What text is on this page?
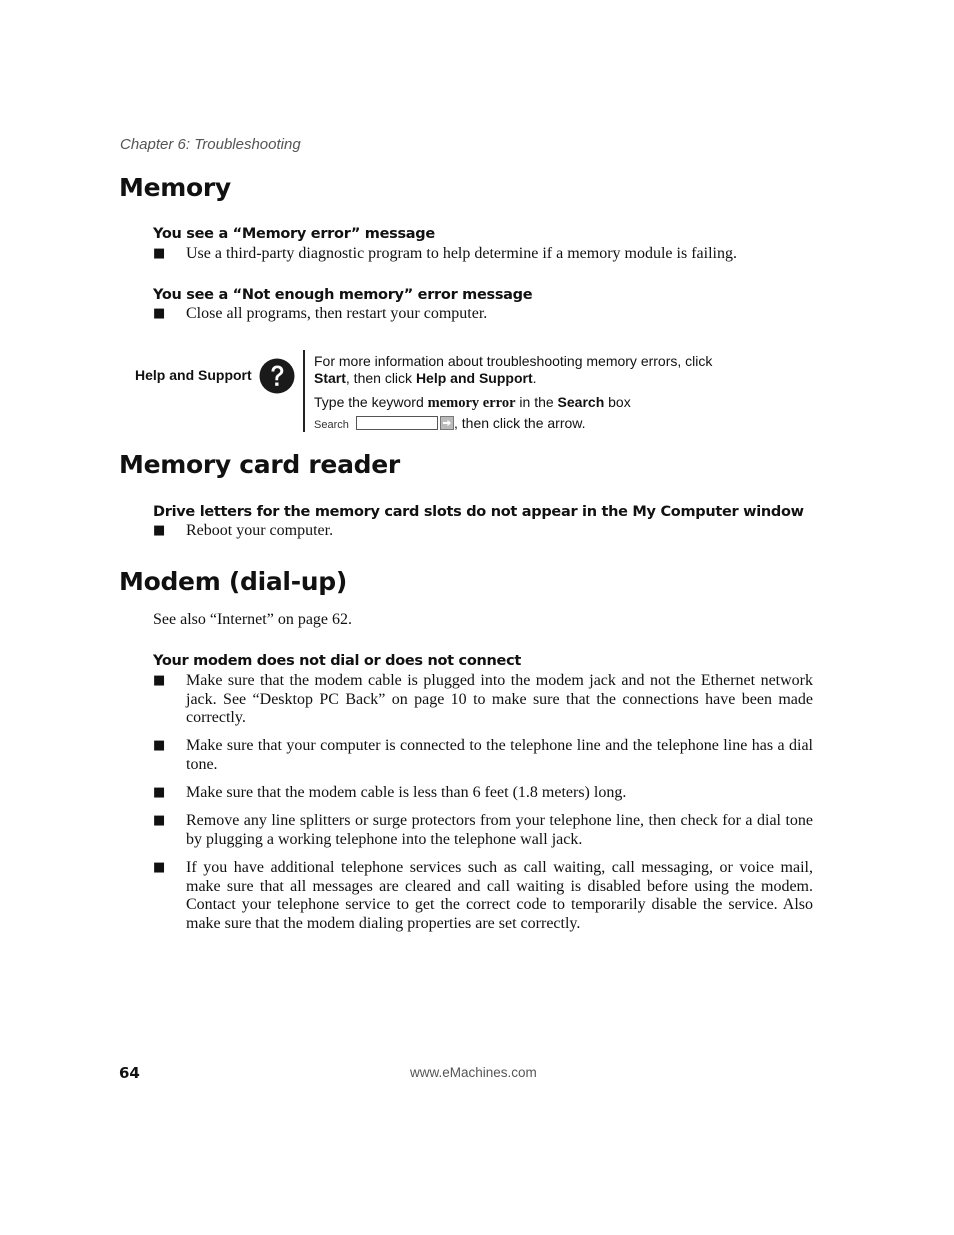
Chapter 6: Troubleshooting
Memory
You see a “Memory error” message
■	Use a third-party diagnostic program to help determine if a memory module is failing.
You see a “Not enough memory” error message
■	Close all programs, then restart your computer.
Help and Support
For more information about troubleshooting memory errors, click
Start, then click Help and Support.
Type the keyword memory error in the Search box
Search	, then click the arrow.
Memory card reader
Drive letters for the memory card slots do not appear in the My Computer window
■	Reboot your computer.
Modem (dial-up)
See also “Internet” on page 62.
Your modem does not dial or does not connect
■	Make sure that the modem cable is plugged into the modem jack and not the Ethernet network jack. See “Desktop PC Back” on page 10 to make sure that the connections have been made correctly.
■	Make sure that your computer is connected to the telephone line and the telephone line has a dial tone.
■	Make sure that the modem cable is less than 6 feet (1.8 meters) long.
■	Remove any line splitters or surge protectors from your telephone line, then check for a dial tone by plugging a working telephone into the telephone wall jack.
■	If you have additional telephone services such as call waiting, call messaging, or voice mail, make sure that all messages are cleared and call waiting is disabled before using the modem. Contact your telephone service to get the correct code to temporarily disable the service. Also make sure that the modem dialing properties are set correctly.
64	www.eMachines.com
